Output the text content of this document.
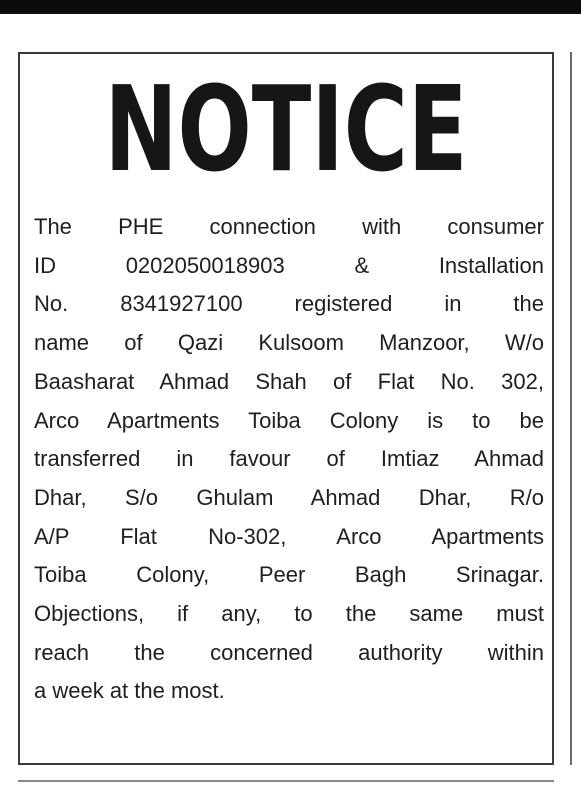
NOTICE
The PHE connection with consumer
ID 0202050018903 & Installation
No. 8341927100 registered in the
name of Qazi Kulsoom Manzoor, W/o
Baasharat Ahmad Shah of Flat No. 302,
Arco Apartments Toiba Colony is to be
transferred in favour of Imtiaz Ahmad
Dhar, S/o Ghulam Ahmad Dhar, R/o
A/P Flat No-302, Arco Apartments
Toiba Colony, Peer Bagh Srinagar.
Objections, if any, to the same must
reach the concerned authority within
a week at the most.
